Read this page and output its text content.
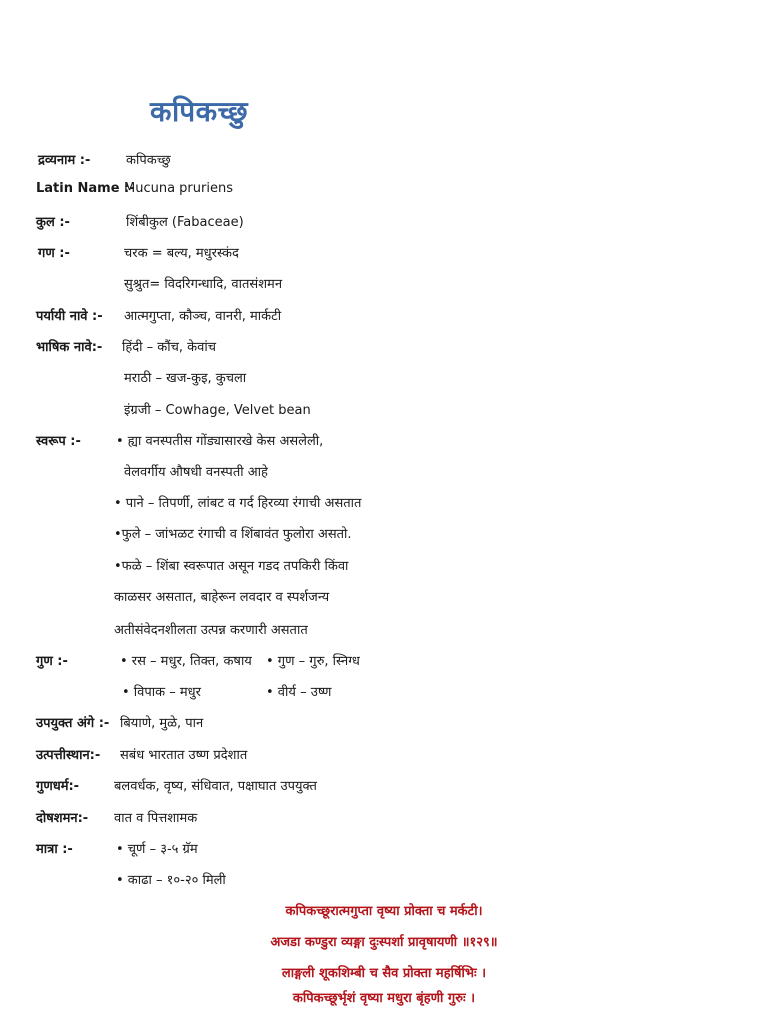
कपिकच्छु
द्रव्यनाम :-	कपिकच्छु
Latin Name :-
Mucuna pruriens
कुल :-	शिंबीकुल (Fabaceae)
गण :-	चरक = बल्य, मधुरस्कंद
सुश्रुत= विदरिगन्धादि, वातसंशमन
पर्यायी नावे :- आत्मगुप्ता, कौञ्च, वानरी, मार्कटी
भाषिक नावे:- हिंदी – कौंच, केवांच
मराठी – खज-कुइ, कुचला
इंग्रजी – Cowhage, Velvet bean
स्वरूप :-	• ह्या वनस्पतीस गोंड्यासारखे केस असलेली,
वेलवर्गीय औषधी वनस्पती आहे
• पाने – तिपर्णी, लांबट व गर्द हिरव्या रंगाची असतात
•फुले – जांभळट रंगाची व शिंबावंत फुलोरा असतो.
•फळे – शिंबा स्वरूपात असून गडद तपकिरी किंवा
काळसर असतात, बाहेरून लवदार व स्पर्शजन्य
अतीसंवेदनशीलता उत्पन्न करणारी असतात
गुण :-	• रस – मधुर, तिक्त, कषाय • गुण – गुरु, स्निग्ध
• विपाक – मधुर	• वीर्य – उष्ण
उपयुक्त अंगे :- बियाणे, मुळे, पान
उत्पत्तीस्थान:- सबंध भारतात उष्ण प्रदेशात
गुणधर्म:-	बलवर्धक, वृष्य, संधिवात, पक्षाघात उपयुक्त
दोषशमन:- वात व पित्तशामक
मात्रा :-	• चूर्ण – ३-५ ग्रॅम
• काढा – १०-२० मिली
कपिकच्छूरात्मगुप्ता वृष्या प्रोक्ता च मर्कटी।
अजडा कण्डुरा व्यङ्गा दुःस्पर्शा प्रावृषायणी ॥१२९॥
लाङ्गली शूकशिम्बी च सैव प्रोक्ता महर्षिभिः ।
कपिकच्छूर्भृशं वृष्या मधुरा बृंहणी गुरुः ।
